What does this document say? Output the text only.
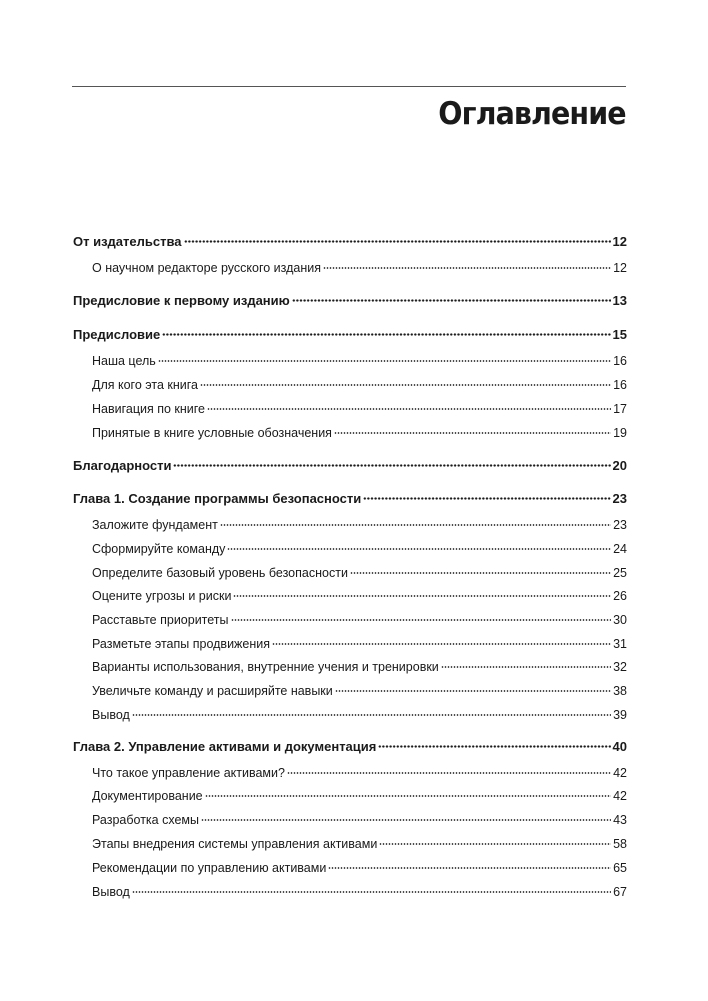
Оглавление
От издательства	12
О научном редакторе русского издания	12
Предисловие к первому изданию	13
Предисловие	15
Наша цель	16
Для кого эта книга	16
Навигация по книге	17
Принятые в книге условные обозначения	19
Благодарности	20
Глава 1. Создание программы безопасности	23
Заложите фундамент	23
Сформируйте команду	24
Определите базовый уровень безопасности	25
Оцените угрозы и риски	26
Расставьте приоритеты	30
Разметьте этапы продвижения	31
Варианты использования, внутренние учения и тренировки	32
Увеличьте команду и расширяйте навыки	38
Вывод	39
Глава 2. Управление активами и документация	40
Что такое управление активами?	42
Документирование	42
Разработка схемы	43
Этапы внедрения системы управления активами	58
Рекомендации по управлению активами	65
Вывод	67
